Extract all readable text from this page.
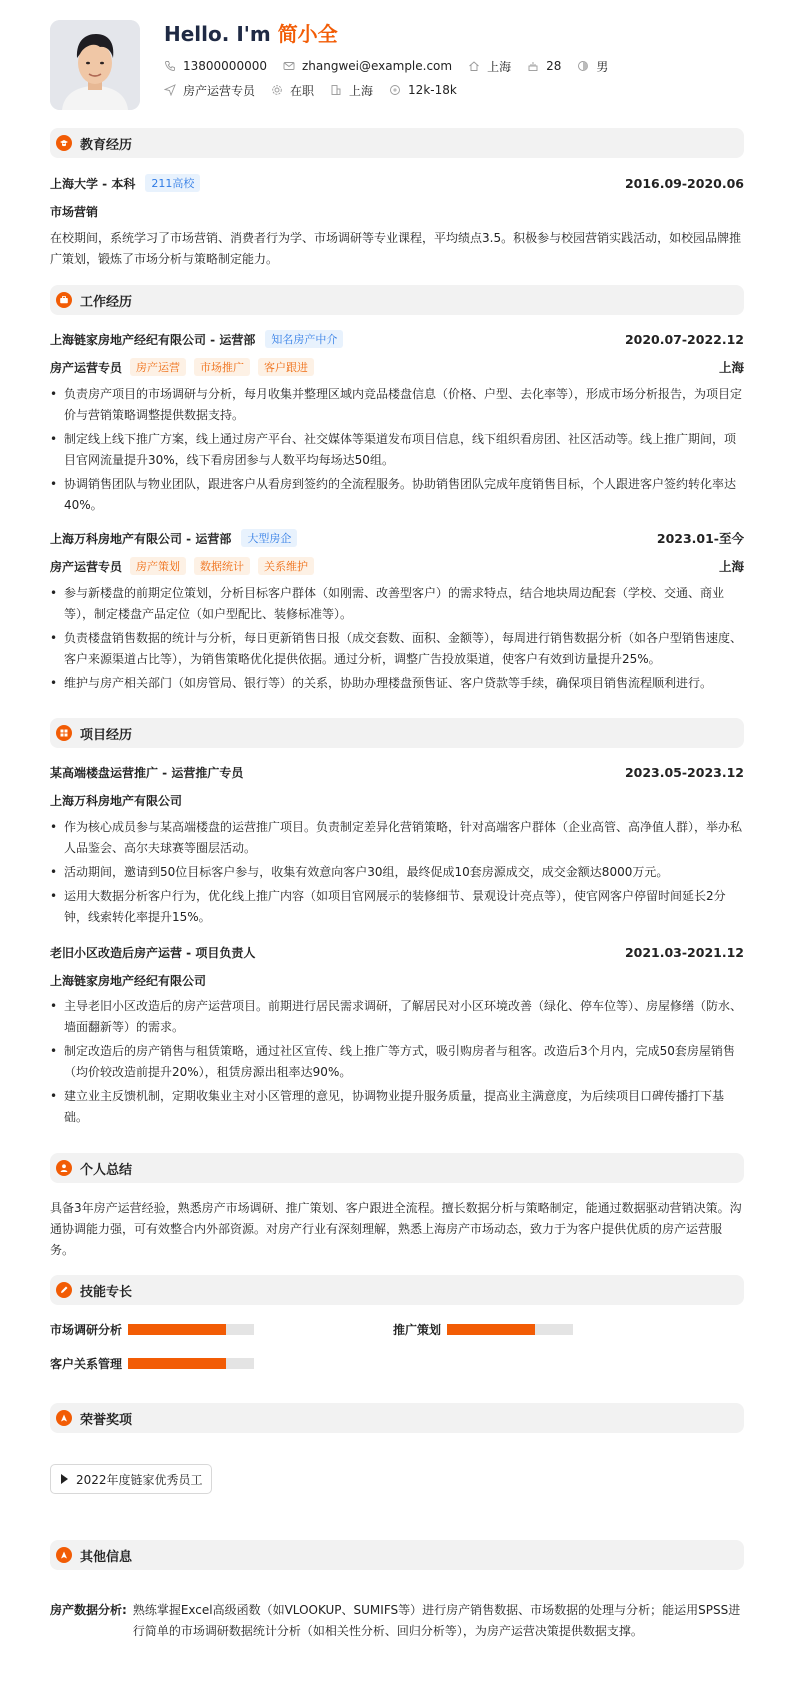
Hello. I'm 简小全
13800000000	zhangwei@example.com	上海	28	男
房产运营专员	在职	上海	12k-18k
教育经历
上海大学 - 本科	211高校	2016.09-2020.06
市场营销
在校期间，系统学习了市场营销、消费者行为学、市场调研等专业课程，平均绩点3.5。积极参与校园营销实践活动，如校园品牌推广策划，锻炼了市场分析与策略制定能力。
工作经历
上海链家房地产经纪有限公司 - 运营部	知名房产中介	2020.07-2022.12
房产运营专员	房产运营	市场推广	客户跟进	上海
• 负责房产项目的市场调研与分析，每月收集并整理区域内竞品楼盘信息（价格、户型、去化率等），形成市场分析报告，为项目定价与营销策略调整提供数据支持。
• 制定线上线下推广方案，线上通过房产平台、社交媒体等渠道发布项目信息，线下组织看房团、社区活动等。线上推广期间，项目官网流量提升30%，线下看房团参与人数平均每场达50组。
• 协调销售团队与物业团队，跟进客户从看房到签约的全流程服务。协助销售团队完成年度销售目标，个人跟进客户签约转化率达40%。
上海万科房地产有限公司 - 运营部	大型房企	2023.01-至今
房产运营专员	房产策划	数据统计	关系维护	上海
• 参与新楼盘的前期定位策划，分析目标客户群体（如刚需、改善型客户）的需求特点，结合地块周边配套（学校、交通、商业等），制定楼盘产品定位（如户型配比、装修标准等）。
• 负责楼盘销售数据的统计与分析，每日更新销售日报（成交套数、面积、金额等），每周进行销售数据分析（如各户型销售速度、客户来源渠道占比等），为销售策略优化提供依据。通过分析，调整广告投放渠道，使客户有效到访量提升25%。
• 维护与房产相关部门（如房管局、银行等）的关系，协助办理楼盘预售证、客户贷款等手续，确保项目销售流程顺利进行。
项目经历
某高端楼盘运营推广 - 运营推广专员	2023.05-2023.12
上海万科房地产有限公司
• 作为核心成员参与某高端楼盘的运营推广项目。负责制定差异化营销策略，针对高端客户群体（企业高管、高净值人群），举办私人品鉴会、高尔夫球赛等圈层活动。
• 活动期间，邀请到50位目标客户参与，收集有效意向客户30组，最终促成10套房源成交，成交金额达8000万元。
• 运用大数据分析客户行为，优化线上推广内容（如项目官网展示的装修细节、景观设计亮点等），使官网客户停留时间延长2分钟，线索转化率提升15%。
老旧小区改造后房产运营 - 项目负责人	2021.03-2021.12
上海链家房地产经纪有限公司
• 主导老旧小区改造后的房产运营项目。前期进行居民需求调研，了解居民对小区环境改善（绿化、停车位等）、房屋修缮（防水、墙面翻新等）的需求。
• 制定改造后的房产销售与租赁策略，通过社区宣传、线上推广等方式，吸引购房者与租客。改造后3个月内，完成50套房屋销售（均价较改造前提升20%），租赁房源出租率达90%。
• 建立业主反馈机制，定期收集业主对小区管理的意见，协调物业提升服务质量，提高业主满意度，为后续项目口碑传播打下基础。
个人总结
具备3年房产运营经验，熟悉房产市场调研、推广策划、客户跟进全流程。擅长数据分析与策略制定，能通过数据驱动营销决策。沟通协调能力强，可有效整合内外部资源。对房产行业有深刻理解，熟悉上海房产市场动态，致力于为客户提供优质的房产运营服务。
技能专长
市场调研分析	推广策划
客户关系管理
荣誉奖项
2022年度链家优秀员工
其他信息
房产数据分析: 熟练掌握Excel高级函数（如VLOOKUP、SUMIFS等）进行房产销售数据、市场数据的处理与分析；能运用SPSS进行简单的市场调研数据统计分析（如相关性分析、回归分析等），为房产运营决策提供数据支撑。
